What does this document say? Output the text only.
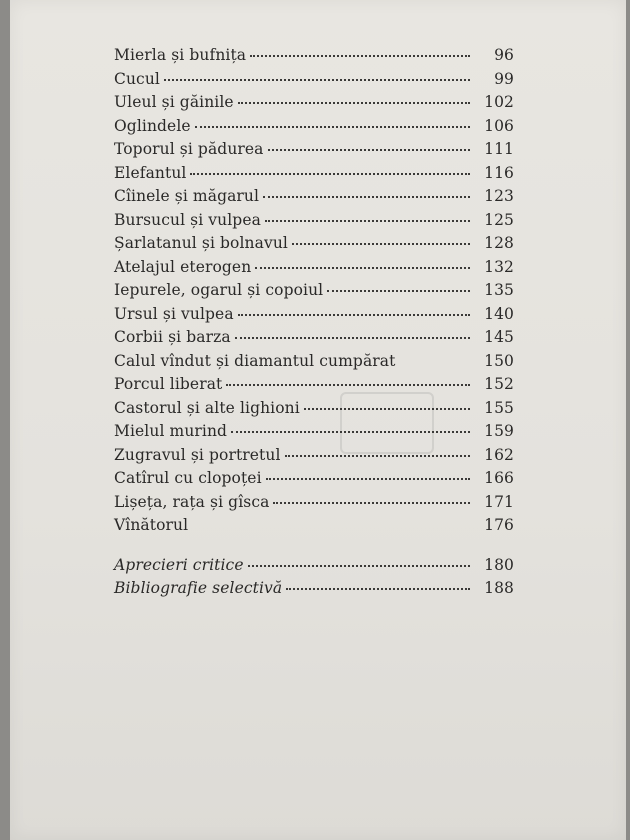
Mierla și bufnița	96
Cucul	99
Uleul și găinile	102
Oglindele	106
Toporul și pădurea	111
Elefantul	116
Cîinele și măgarul	123
Bursucul și vulpea	125
Șarlatanul și bolnavul	128
Atelajul eterogen	132
Iepurele, ogarul și copoiul	135
Ursul și vulpea	140
Corbii și barza	145
Calul vîndut și diamantul cumpărat	150
Porcul liberat	152
Castorul și alte lighioni	155
Mielul murind	159
Zugravul și portretul	162
Catîrul cu clopoței	166
Lișeța, rața și gîsca	171
Vînătorul	176
Aprecieri critice	180
Bibliografie selectivă	188
